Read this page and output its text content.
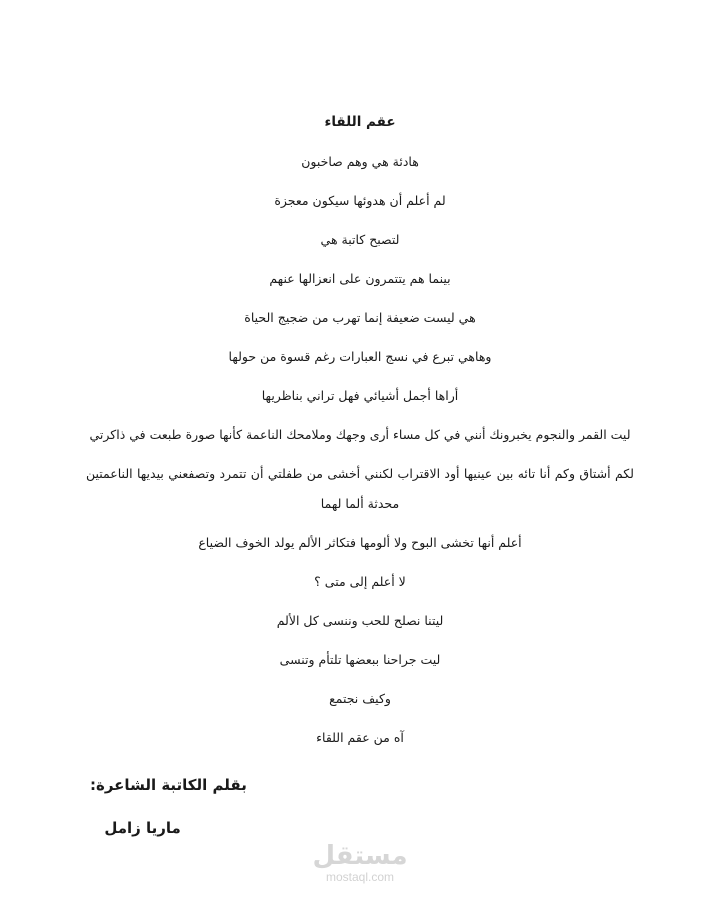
عقم اللقاء
هادئة هي وهم صاخبون
لم أعلم أن هدوئها سيكون معجزة
لتصبح كاتبة هي
بينما هم يتتمرون على انعزالها عنهم
هي ليست ضعيفة إنما تهرب من ضجيج الحياة
وهاهي تبرع في نسج العبارات رغم قسوة من حولها
أراها أجمل أشيائي فهل تراني بناظريها
ليت القمر والنجوم يخبرونك أنني في كل مساء أرى وجهك وملامحك الناعمة كأنها صورة طبعت في ذاكرتي
لكم أشتاق وكم أنا تائه بين عينيها أود الاقتراب لكنني أخشى من طفلتي أن تتمرد وتصفعني بيديها الناعمتين محدثة ألما لهما
أعلم أنها تخشى البوح ولا ألومها فتكاثر الألم يولد الخوف الضياع
لا أعلم إلى متى ؟
ليتنا نصلح للحب وننسى كل الألم
ليت جراحنا ببعضها تلتأم وتنسى
وكيف نجتمع
آه من عقم اللقاء
بقلم الكاتبة الشاعرة:
ماريا زامل
مستقل
mostaql.com
